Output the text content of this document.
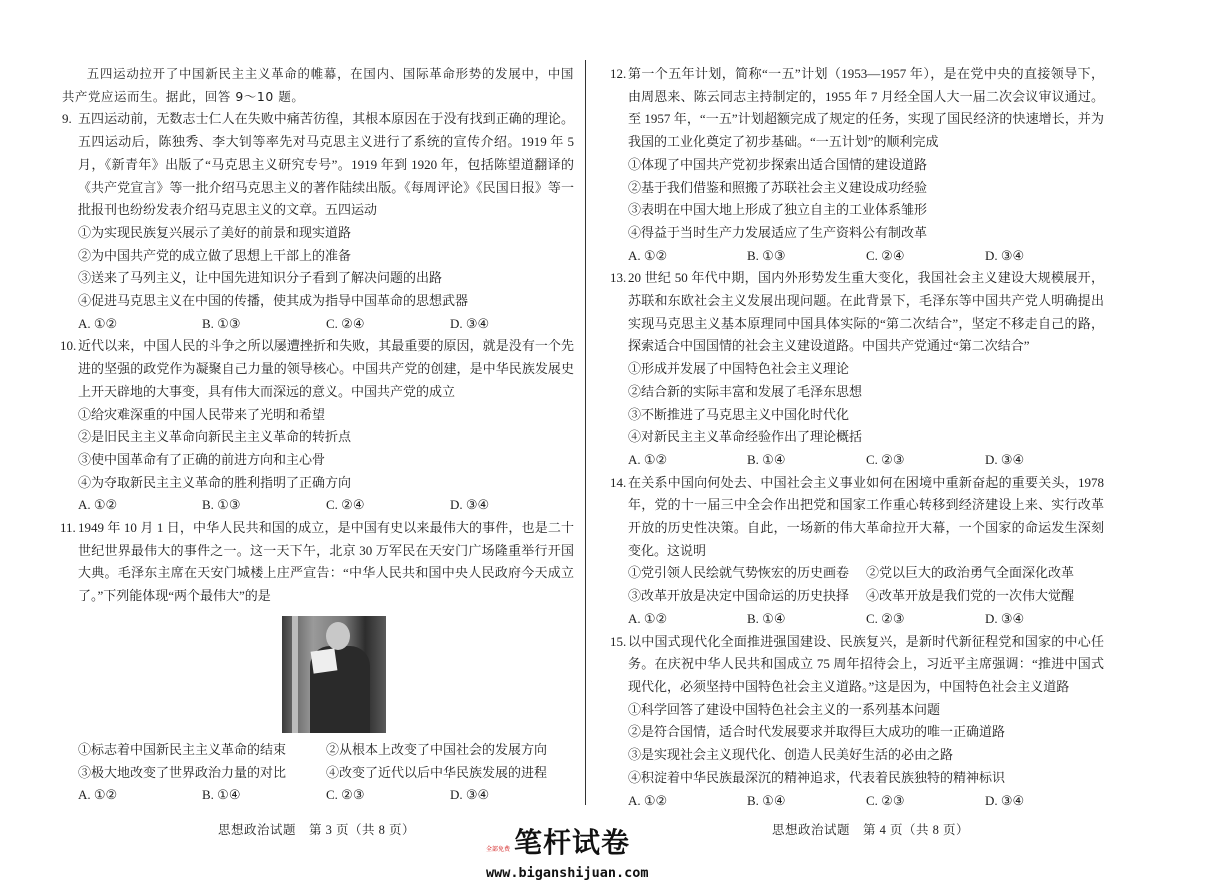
五四运动拉开了中国新民主主义革命的帷幕，在国内、国际革命形势的发展中，中国共产党应运而生。据此，回答 9～10 题。
9. 五四运动前，无数志士仁人在失败中痛苦彷徨，其根本原因在于没有找到正确的理论。五四运动后，陈独秀、李大钊等率先对马克思主义进行了系统的宣传介绍。1919 年 5 月，《新青年》出版了“马克思主义研究专号”。1919 年到 1920 年，包括陈望道翻译的《共产党宣言》等一批介绍马克思主义的著作陆续出版。《每周评论》《民国日报》等一批报刊也纷纷发表介绍马克思主义的文章。五四运动
①为实现民族复兴展示了美好的前景和现实道路
②为中国共产党的成立做了思想上干部上的准备
③送来了马列主义，让中国先进知识分子看到了解决问题的出路
④促进马克思主义在中国的传播，使其成为指导中国革命的思想武器
A. ①②	B. ①③	C. ②④	D. ③④
10. 近代以来，中国人民的斗争之所以屡遭挫折和失败，其最重要的原因，就是没有一个先进的坚强的政党作为凝聚自己力量的领导核心。中国共产党的创建，是中华民族发展史上开天辟地的大事变，具有伟大而深远的意义。中国共产党的成立
①给灾难深重的中国人民带来了光明和希望
②是旧民主主义革命向新民主主义革命的转折点
③使中国革命有了正确的前进方向和主心骨
④为夺取新民主主义革命的胜利指明了正确方向
A. ①②	B. ①③	C. ②④	D. ③④
11. 1949 年 10 月 1 日，中华人民共和国的成立，是中国有史以来最伟大的事件，也是二十世纪世界最伟大的事件之一。这一天下午，北京 30 万军民在天安门广场隆重举行开国大典。毛泽东主席在天安门城楼上庄严宣告：“中华人民共和国中央人民政府今天成立了。”下列能体现“两个最伟大”的是
①标志着中国新民主主义革命的结束	②从根本上改变了中国社会的发展方向
③极大地改变了世界政治力量的对比	④改变了近代以后中华民族发展的进程
A. ①②	B. ①④	C. ②③	D. ③④
12. 第一个五年计划，简称“一五”计划（1953—1957 年），是在党中央的直接领导下，由周恩来、陈云同志主持制定的，1955 年 7 月经全国人大一届二次会议审议通过。至 1957 年，“一五”计划超额完成了规定的任务，实现了国民经济的快速增长，并为我国的工业化奠定了初步基础。“一五计划”的顺利完成
①体现了中国共产党初步探索出适合国情的建设道路
②基于我们借鉴和照搬了苏联社会主义建设成功经验
③表明在中国大地上形成了独立自主的工业体系雏形
④得益于当时生产力发展适应了生产资料公有制改革
A. ①②	B. ①③	C. ②④	D. ③④
13. 20 世纪 50 年代中期，国内外形势发生重大变化，我国社会主义建设大规模展开，苏联和东欧社会主义发展出现问题。在此背景下，毛泽东等中国共产党人明确提出实现马克思主义基本原理同中国具体实际的“第二次结合”，坚定不移走自己的路，探索适合中国国情的社会主义建设道路。中国共产党通过“第二次结合”
①形成并发展了中国特色社会主义理论
②结合新的实际丰富和发展了毛泽东思想
③不断推进了马克思主义中国化时代化
④对新民主主义革命经验作出了理论概括
A. ①②	B. ①④	C. ②③	D. ③④
14. 在关系中国向何处去、中国社会主义事业如何在困境中重新奋起的重要关头，1978 年，党的十一届三中全会作出把党和国家工作重心转移到经济建设上来、实行改革开放的历史性决策。自此，一场新的伟大革命拉开大幕，一个国家的命运发生深刻变化。这说明
①党引领人民绘就气势恢宏的历史画卷	②党以巨大的政治勇气全面深化改革
③改革开放是决定中国命运的历史抉择	④改革开放是我们党的一次伟大觉醒
A. ①②	B. ①④	C. ②③	D. ③④
15. 以中国式现代化全面推进强国建设、民族复兴，是新时代新征程党和国家的中心任务。在庆祝中华人民共和国成立 75 周年招待会上，习近平主席强调：“推进中国式现代化，必须坚持中国特色社会主义道路。”这是因为，中国特色社会主义道路
①科学回答了建设中国特色社会主义的一系列基本问题
②是符合国情，适合时代发展要求并取得巨大成功的唯一正确道路
③是实现社会主义现代化、创造人民美好生活的必由之路
④积淀着中华民族最深沉的精神追求，代表着民族独特的精神标识
A. ①②	B. ①④	C. ②③	D. ③④
思想政治试题　第 3 页（共 8 页）	思想政治试题　第 4 页（共 8 页）
全部免费 笔杆试卷
www.biganshijuan.com
